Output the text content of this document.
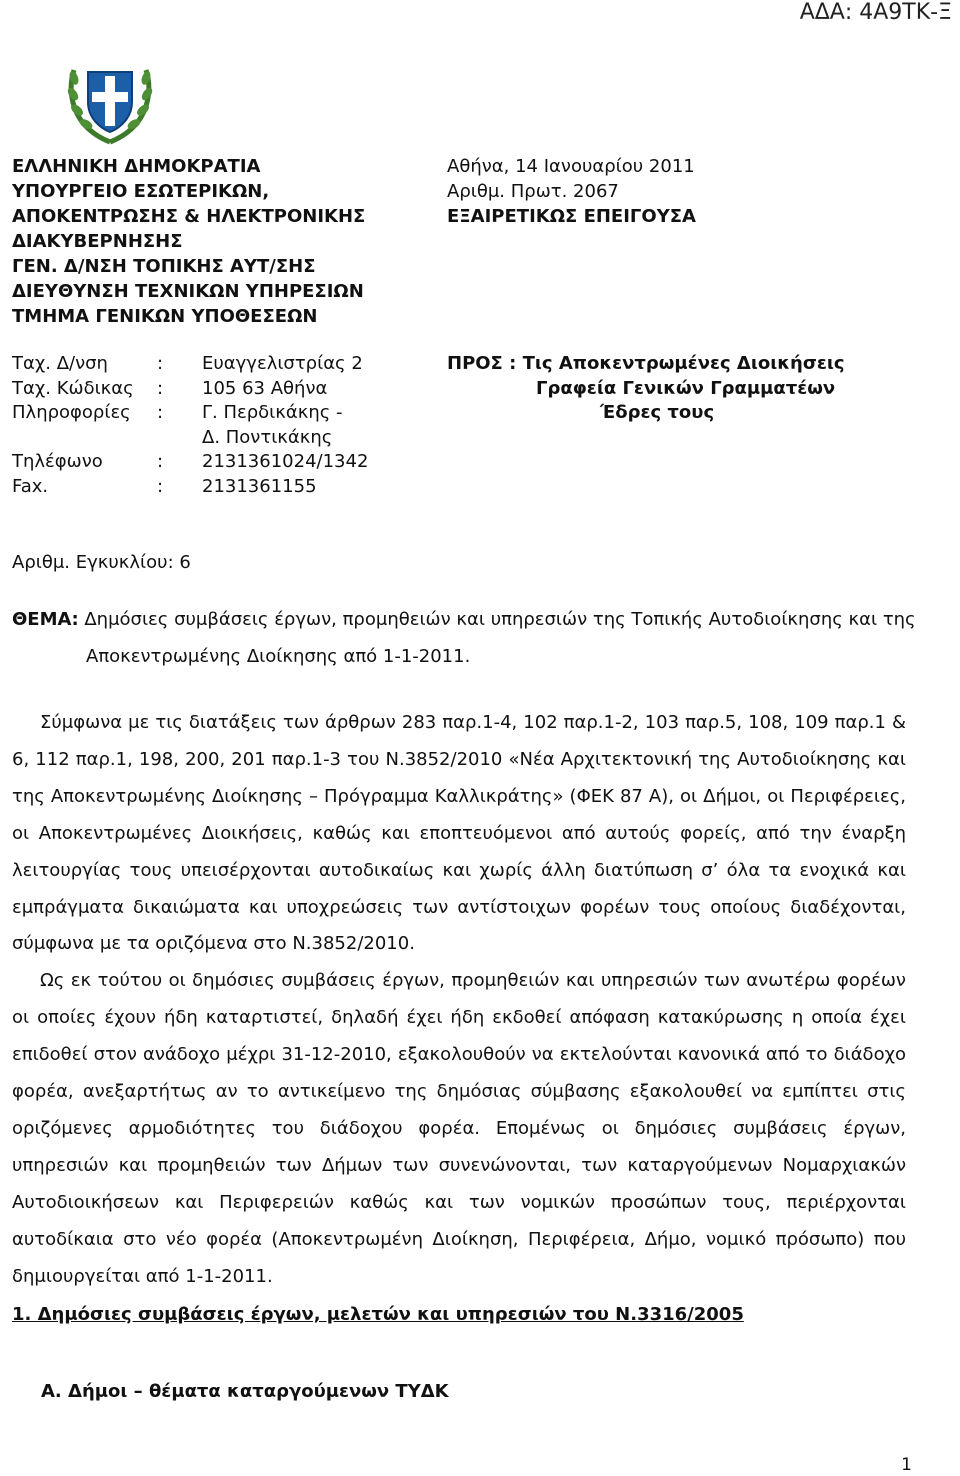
ΑΔΑ: 4Α9ΤΚ-Ξ
ΕΛΛΗΝΙΚΗ ΔΗΜΟΚΡΑΤΙΑ
ΥΠΟΥΡΓΕΙΟ ΕΣΩΤΕΡΙΚΩΝ,
ΑΠΟΚΕΝΤΡΩΣΗΣ & ΗΛΕΚΤΡΟΝΙΚΗΣ
ΔΙΑΚΥΒΕΡΝΗΣΗΣ
ΓΕΝ. Δ/ΝΣΗ ΤΟΠΙΚΗΣ ΑΥΤ/ΣΗΣ
ΔΙΕΥΘΥΝΣΗ ΤΕΧΝΙΚΩΝ ΥΠΗΡΕΣΙΩΝ
ΤΜΗΜΑ ΓΕΝΙΚΩΝ ΥΠΟΘΕΣΕΩΝ
Αθήνα, 14 Ιανουαρίου 2011
Αριθμ. Πρωτ. 2067
ΕΞΑΙΡΕΤΙΚΩΣ ΕΠΕΙΓΟΥΣΑ
Ταχ. Δ/νση	:	Ευαγγελιστρίας 2
Ταχ. Κώδικας	:	105 63 Αθήνα
Πληροφορίες	:	Γ. Περδικάκης -
Δ. Ποντικάκης
Τηλέφωνο	:	2131361024/1342
Fax.	:	2131361155
ΠΡΟΣ : Τις Αποκεντρωμένες Διοικήσεις
Γραφεία Γενικών Γραμματέων
Έδρες τους
Αριθμ. Εγκυκλίου: 6
ΘΕΜΑ: Δημόσιες συμβάσεις έργων, προμηθειών και υπηρεσιών της Τοπικής Αυτοδιοίκησης και της
Αποκεντρωμένης Διοίκησης από 1-1-2011.

Σύμφωνα με τις διατάξεις των άρθρων 283 παρ.1-4, 102 παρ.1-2, 103 παρ.5, 108, 109 παρ.1 & 6, 112 παρ.1, 198, 200, 201 παρ.1-3 του Ν.3852/2010 «Νέα Αρχιτεκτονική της Αυτοδιοίκησης και της Αποκεντρωμένης Διοίκησης – Πρόγραμμα Καλλικράτης» (ΦΕΚ 87 Α), οι Δήμοι, οι Περιφέρειες, οι Αποκεντρωμένες Διοικήσεις, καθώς και εποπτευόμενοι από αυτούς φορείς, από την έναρξη λειτουργίας τους υπεισέρχονται αυτοδικαίως και χωρίς άλλη διατύπωση σ’ όλα τα ενοχικά και εμπράγματα δικαιώματα και υποχρεώσεις των αντίστοιχων φορέων τους οποίους διαδέχονται, σύμφωνα με τα οριζόμενα στο Ν.3852/2010.

Ως εκ τούτου οι δημόσιες συμβάσεις έργων, προμηθειών και υπηρεσιών των ανωτέρω φορέων οι οποίες έχουν ήδη καταρτιστεί, δηλαδή έχει ήδη εκδοθεί απόφαση κατακύρωσης η οποία έχει επιδοθεί στον ανάδοχο μέχρι 31-12-2010, εξακολουθούν να εκτελούνται κανονικά από το διάδοχο φορέα, ανεξαρτήτως αν το αντικείμενο της δημόσιας σύμβασης εξακολουθεί να εμπίπτει στις οριζόμενες αρμοδιότητες του διάδοχου φορέα. Επομένως οι δημόσιες συμβάσεις έργων, υπηρεσιών και προμηθειών των Δήμων των συνενώνονται, των καταργούμενων Νομαρχιακών Αυτοδιοικήσεων και Περιφερειών καθώς και των νομικών προσώπων τους, περιέρχονται αυτοδίκαια στο νέο φορέα (Αποκεντρωμένη Διοίκηση, Περιφέρεια, Δήμο, νομικό πρόσωπο) που δημιουργείται από 1-1-2011.

1. Δημόσιες συμβάσεις έργων, μελετών και υπηρεσιών του Ν.3316/2005
Α. Δήμοι – θέματα καταργούμενων ΤΥΔΚ
1
